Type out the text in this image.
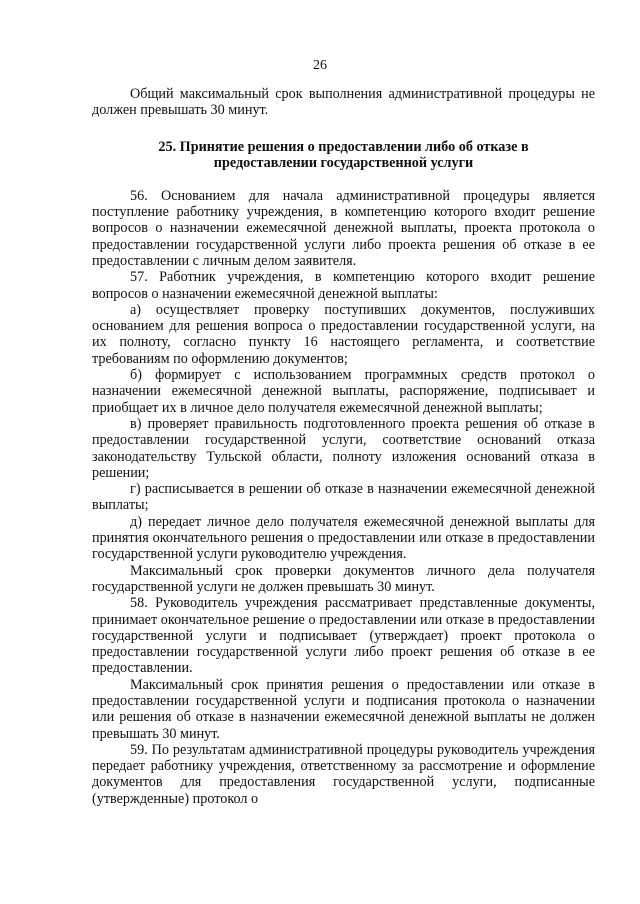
26

Общий максимальный срок выполнения административной процедуры не должен превышать 30 минут.

25. Принятие решения о предоставлении либо об отказе в предоставлении государственной услуги

56. Основанием для начала административной процедуры является поступление работнику учреждения, в компетенцию которого входит решение вопросов о назначении ежемесячной денежной выплаты, проекта протокола о предоставлении государственной услуги либо проекта решения об отказе в ее предоставлении с личным делом заявителя.

57. Работник учреждения, в компетенцию которого входит решение вопросов о назначении ежемесячной денежной выплаты:

а) осуществляет проверку поступивших документов, послуживших основанием для решения вопроса о предоставлении государственной услуги, на их полноту, согласно пункту 16 настоящего регламента, и соответствие требованиям по оформлению документов;

б) формирует с использованием программных средств протокол о назначении ежемесячной денежной выплаты, распоряжение, подписывает и приобщает их в личное дело получателя ежемесячной денежной выплаты;

в) проверяет правильность подготовленного проекта решения об отказе в предоставлении государственной услуги, соответствие оснований отказа законодательству Тульской области, полноту изложения оснований отказа в решении;

г) расписывается в решении об отказе в назначении ежемесячной денежной выплаты;

д) передает личное дело получателя ежемесячной денежной выплаты для принятия окончательного решения о предоставлении или отказе в предоставлении государственной услуги руководителю учреждения.

Максимальный срок проверки документов личного дела получателя государственной услуги не должен превышать 30 минут.

58. Руководитель учреждения рассматривает представленные документы, принимает окончательное решение о предоставлении или отказе в предоставлении государственной услуги и подписывает (утверждает) проект протокола о предоставлении государственной услуги либо проект решения об отказе в ее предоставлении.

Максимальный срок принятия решения о предоставлении или отказе в предоставлении государственной услуги и подписания протокола о назначении или решения об отказе в назначении ежемесячной денежной выплаты не должен превышать 30 минут.

59. По результатам административной процедуры руководитель учреждения передает работнику учреждения, ответственному за рассмотрение и оформление документов для предоставления государственной услуги, подписанные (утвержденные) протокол о
